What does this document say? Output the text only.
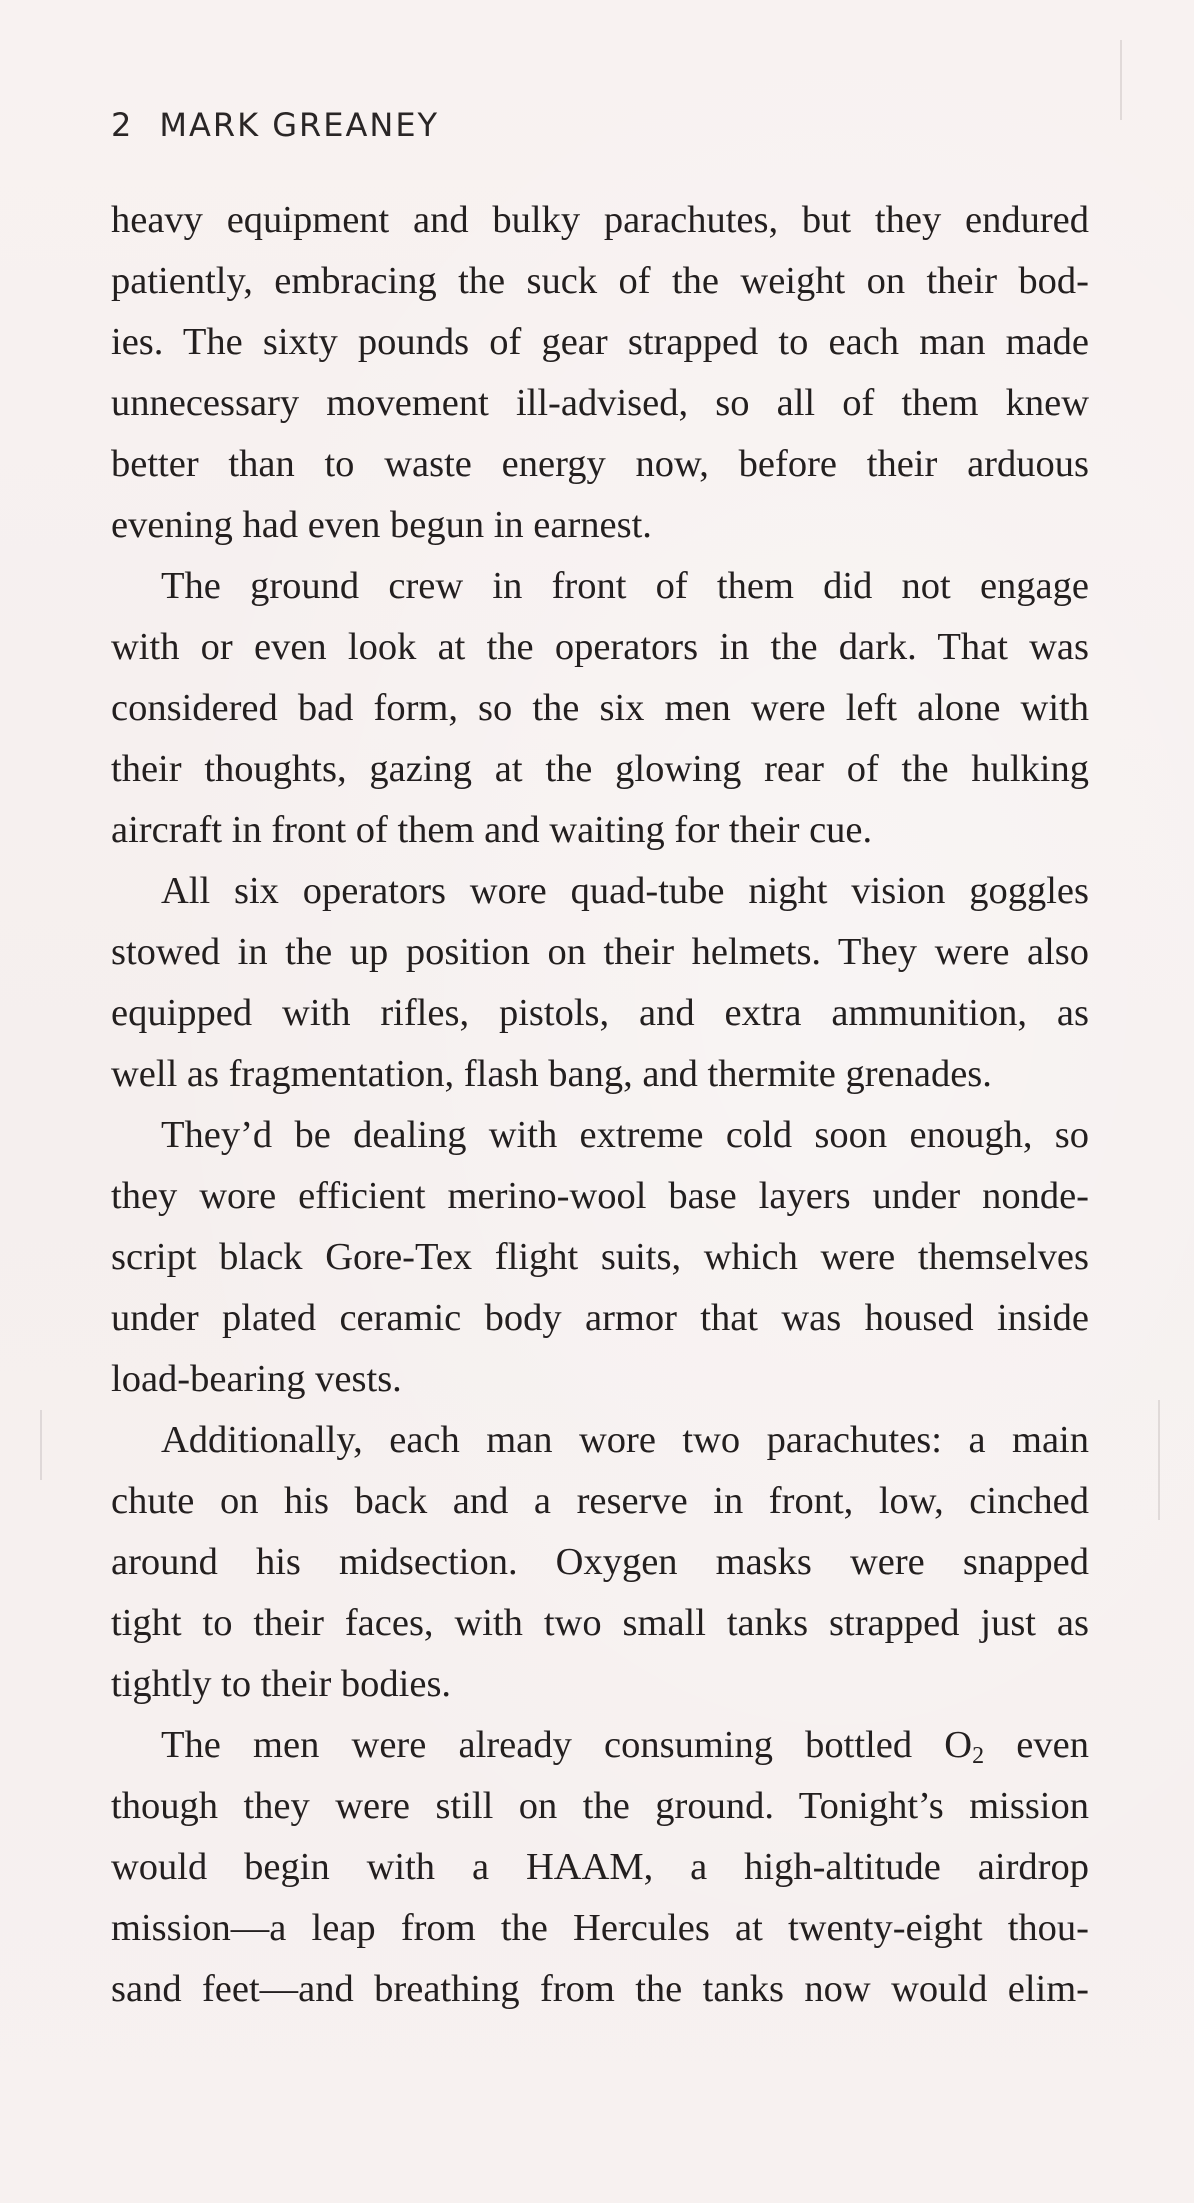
2 MARK GREANEY
heavy equipment and bulky parachutes, but they endured
patiently, embracing the suck of the weight on their bod-
ies. The sixty pounds of gear strapped to each man made
unnecessary movement ill-advised, so all of them knew
better than to waste energy now, before their arduous
evening had even begun in earnest.
The ground crew in front of them did not engage
with or even look at the operators in the dark. That was
considered bad form, so the six men were left alone with
their thoughts, gazing at the glowing rear of the hulking
aircraft in front of them and waiting for their cue.
All six operators wore quad-tube night vision goggles
stowed in the up position on their helmets. They were also
equipped with rifles, pistols, and extra ammunition, as
well as fragmentation, flash bang, and thermite grenades.
They’d be dealing with extreme cold soon enough, so
they wore efficient merino-wool base layers under nonde-
script black Gore-Tex flight suits, which were themselves
under plated ceramic body armor that was housed inside
load-bearing vests.
Additionally, each man wore two parachutes: a main
chute on his back and a reserve in front, low, cinched
around his midsection. Oxygen masks were snapped
tight to their faces, with two small tanks strapped just as
tightly to their bodies.
The men were already consuming bottled $O_2$ even
though they were still on the ground. Tonight’s mission
would begin with a HAAM, a high-altitude airdrop
mission—a leap from the Hercules at twenty-eight thou-
sand feet—and breathing from the tanks now would elim-
